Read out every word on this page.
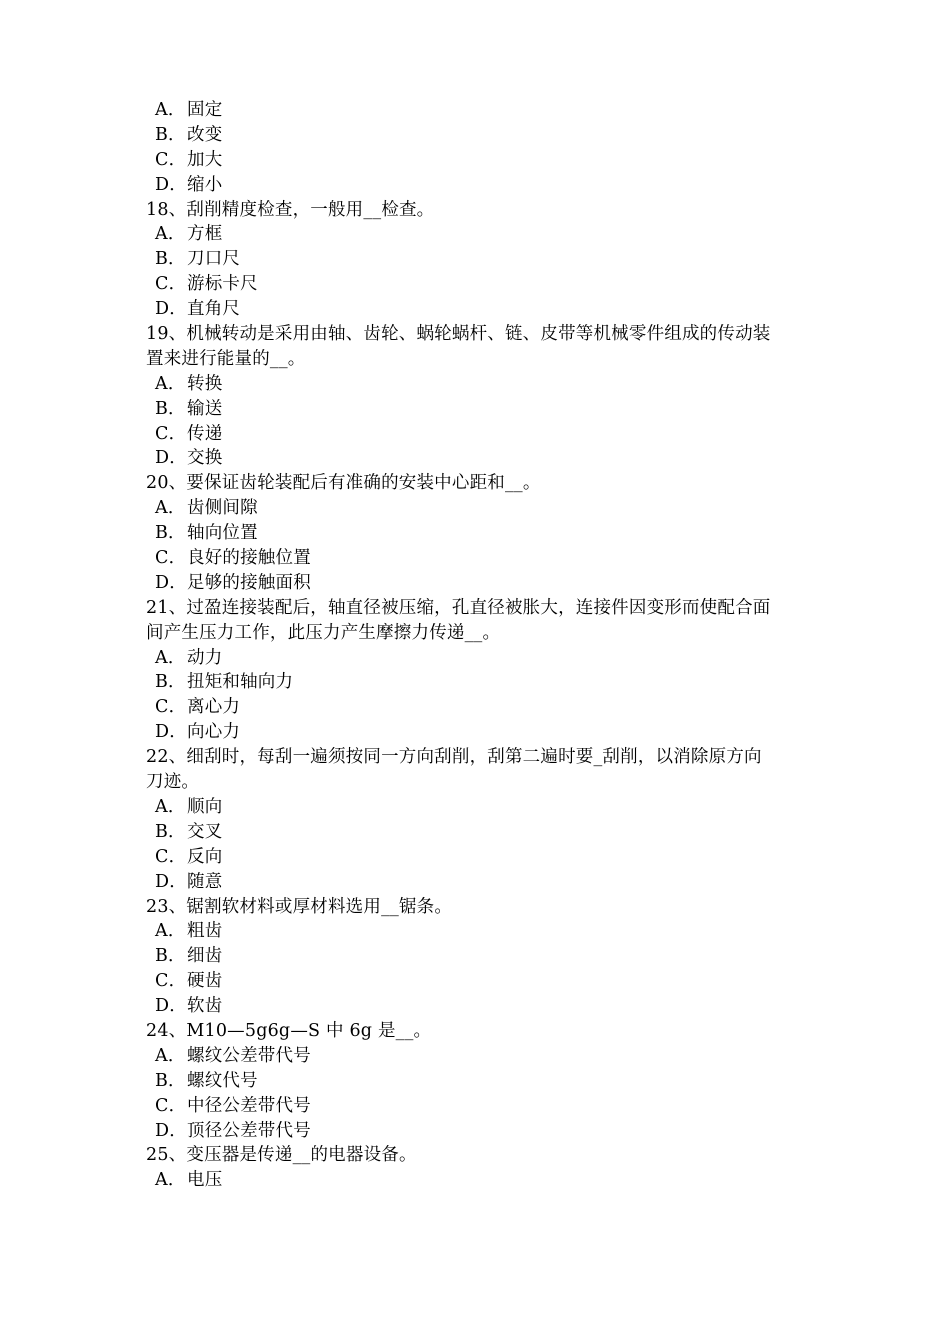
A．固定
B．改变
C．加大
D．缩小
18、刮削精度检查，一般用__检查。
A．方框
B．刀口尺
C．游标卡尺
D．直角尺
19、机械转动是采用由轴、齿轮、蜗轮蜗杆、链、皮带等机械零件组成的传动装
置来进行能量的__。
A．转换
B．输送
C．传递
D．交换
20、要保证齿轮装配后有准确的安装中心距和__。
A．齿侧间隙
B．轴向位置
C．良好的接触位置
D．足够的接触面积
21、过盈连接装配后，轴直径被压缩，孔直径被胀大，连接件因变形而使配合面
间产生压力工作，此压力产生摩擦力传递__。
A．动力
B．扭矩和轴向力
C．离心力
D．向心力
22、细刮时，每刮一遍须按同一方向刮削，刮第二遍时要_刮削，以消除原方向
刀迹。
A．顺向
B．交叉
C．反向
D．随意
23、锯割软材料或厚材料选用__锯条。
A．粗齿
B．细齿
C．硬齿
D．软齿
24、M10—5g6g—S 中 6g 是__。
A．螺纹公差带代号
B．螺纹代号
C．中径公差带代号
D．顶径公差带代号
25、变压器是传递__的电器设备。
A．电压
